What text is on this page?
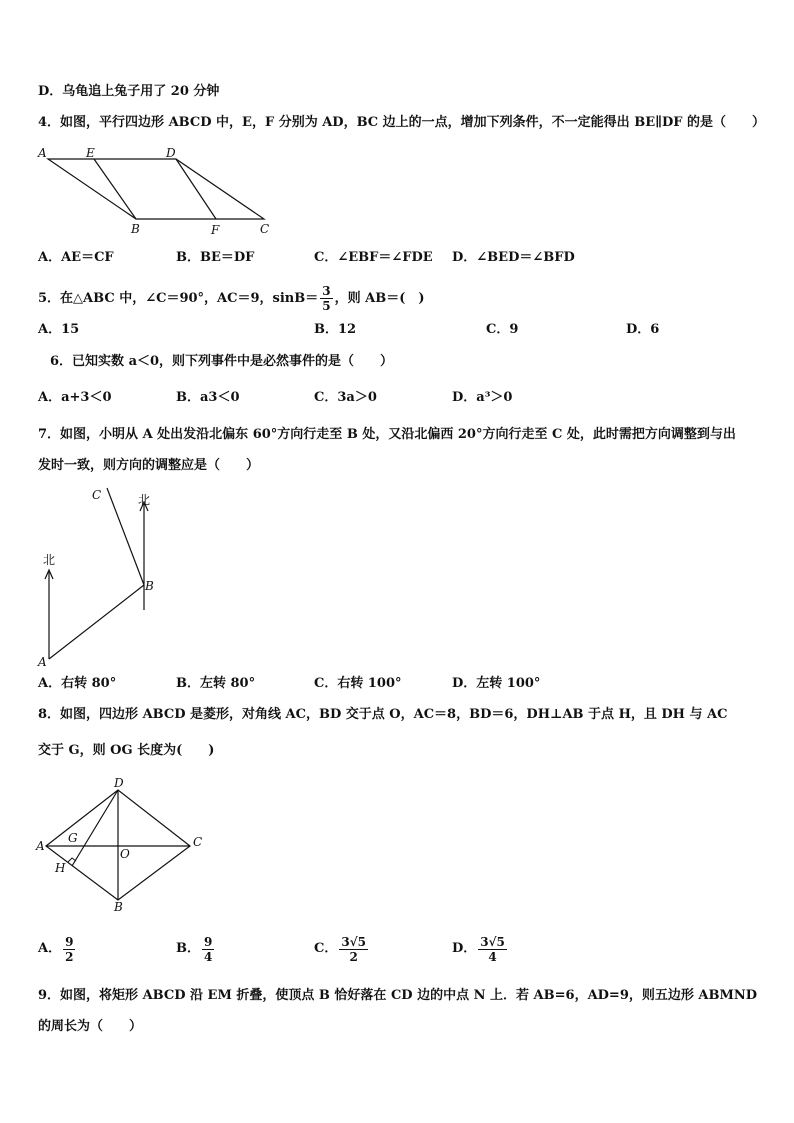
D．乌龟追上兔子用了 20 分钟
4．如图，平行四边形 ABCD 中，E，F 分别为 AD，BC 边上的一点，增加下列条件，不一定能得出 BE∥DF 的是（　　）
A	E	D
B	F	C
A．AE＝CF	B．BE＝DF	C．∠EBF＝∠FDE D．∠BED＝∠BFD
5．在△ABC 中，∠C＝90°，AC＝9，$\sin B= \frac{3}{5}$ ，则 AB＝(　)
A．15	B．12	C．9	D．6
6．已知实数 a＜0，则下列事件中是必然事件的是（　　）
A．a+3＜0	B．a3＜0	C．3a＞0	D．a³＞0
7．如图，小明从 A 处出发沿北偏东 60°方向行走至 B 处，又沿北偏西 20°方向行走至 C 处，此时需把方向调整到与出
发时一致，则方向的调整应是（　　）
北
北
C
B
A
A．右转 80°	B．左转 80°	C．右转 100°	D．左转 100°
8．如图，四边形 ABCD 是菱形，对角线 AC，BD 交于点 O，AC＝8，BD＝6，DH⊥AB 于点 H，且 DH 与 AC
交于 G，则 OG 长度为(　　)
D
G
A
O
C
H
B
A． $\frac{9}{2}$	B． $\frac{9}{4}$	C． $\frac{3√5}{2}$	D． $\frac{3√5}{4}$
9．如图，将矩形 ABCD 沿 EM 折叠，使顶点 B 恰好落在 CD 边的中点 N 上．若 AB=6，AD=9，则五边形 ABMND
的周长为（　　）
